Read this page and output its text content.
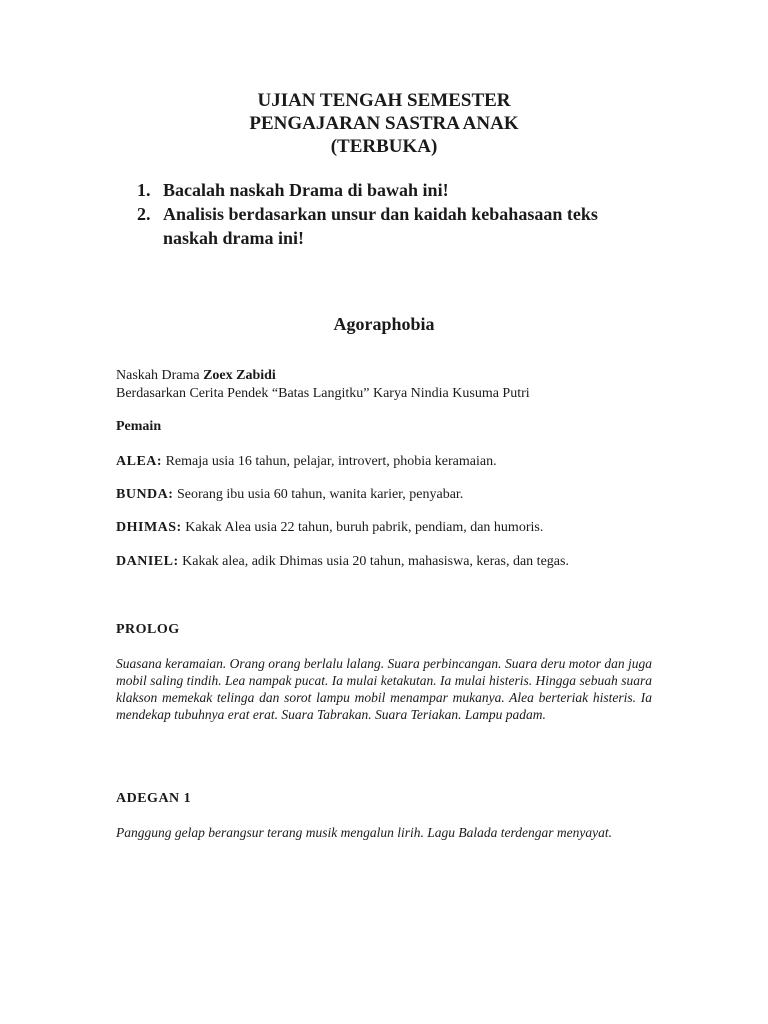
UJIAN TENGAH SEMESTER
PENGAJARAN SASTRA ANAK
(TERBUKA)
1. Bacalah naskah Drama di bawah ini!
2. Analisis berdasarkan unsur dan kaidah kebahasaan teks naskah drama ini!
Agoraphobia
Naskah Drama Zoex Zabidi
Berdasarkan Cerita Pendek “Batas Langitku” Karya Nindia Kusuma Putri
Pemain
ALEA: Remaja usia 16 tahun, pelajar, introvert, phobia keramaian.
BUNDA: Seorang ibu usia 60 tahun, wanita karier, penyabar.
DHIMAS: Kakak Alea usia 22 tahun, buruh pabrik, pendiam, dan humoris.
DANIEL: Kakak alea, adik Dhimas usia 20 tahun, mahasiswa, keras, dan tegas.
PROLOG

Suasana keramaian. Orang orang berlalu lalang. Suara perbincangan. Suara deru motor dan juga mobil saling tindih. Lea nampak pucat. Ia mulai ketakutan. Ia mulai histeris. Hingga sebuah suara klakson memekak telinga dan sorot lampu mobil menampar mukanya. Alea berteriak histeris. Ia mendekap tubuhnya erat erat. Suara Tabrakan. Suara Teriakan. Lampu padam.

ADEGAN 1

Panggung gelap berangsur terang musik mengalun lirih. Lagu Balada terdengar menyayat.
